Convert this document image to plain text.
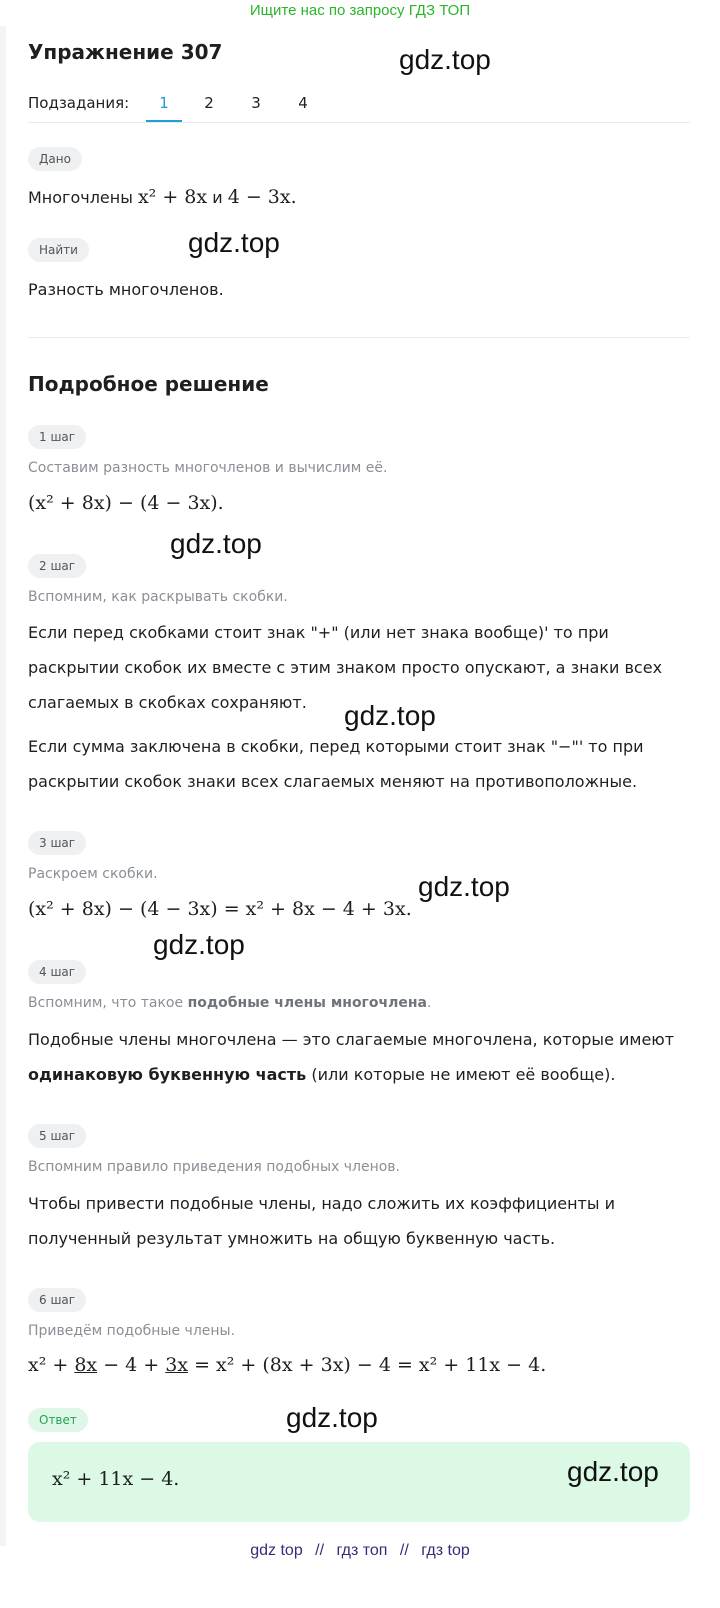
Ищите нас по запросу ГДЗ ТОП
Упражнение 307	gdz.top
Подзадания:	1	2	3	4
Дано
Многочлены x² + 8x и 4 − 3x.
Найти	gdz.top
Разность многочленов.
Подробное решение
1 шаг
Составим разность многочленов и вычислим её.
(x² + 8x) − (4 − 3x).
gdz.top
2 шаг
Вспомним, как раскрывать скобки.
Если перед скобками стоит знак "+" (или нет знака вообще)' то при раскрытии скобок их вместе с этим знаком просто опускают, а знаки всех слагаемых в скобках сохраняют.	gdz.top
Если сумма заключена в скобки, перед которыми стоит знак "−"' то при раскрытии скобок знаки всех слагаемых меняют на противоположные.
3 шаг
Раскроем скобки.
(x² + 8x) − (4 − 3x) = x² + 8x − 4 + 3x.
gdz.top
gdz.top
4 шаг
Вспомним, что такое подобные члены многочлена.
Подобные члены многочлена — это слагаемые многочлена, которые имеют одинаковую буквенную часть (или которые не имеют её вообще).
5 шаг
Вспомним правило приведения подобных членов.
Чтобы привести подобные члены, надо сложить их коэффициенты и полученный результат умножить на общую буквенную часть.
6 шаг
Приведём подобные члены.
x² + 8x − 4 + 3x = x² + (8x + 3x) − 4 = x² + 11x − 4.
Ответ	gdz.top
x² + 11x − 4.	gdz.top
gdz top // гдз топ // гдз top
